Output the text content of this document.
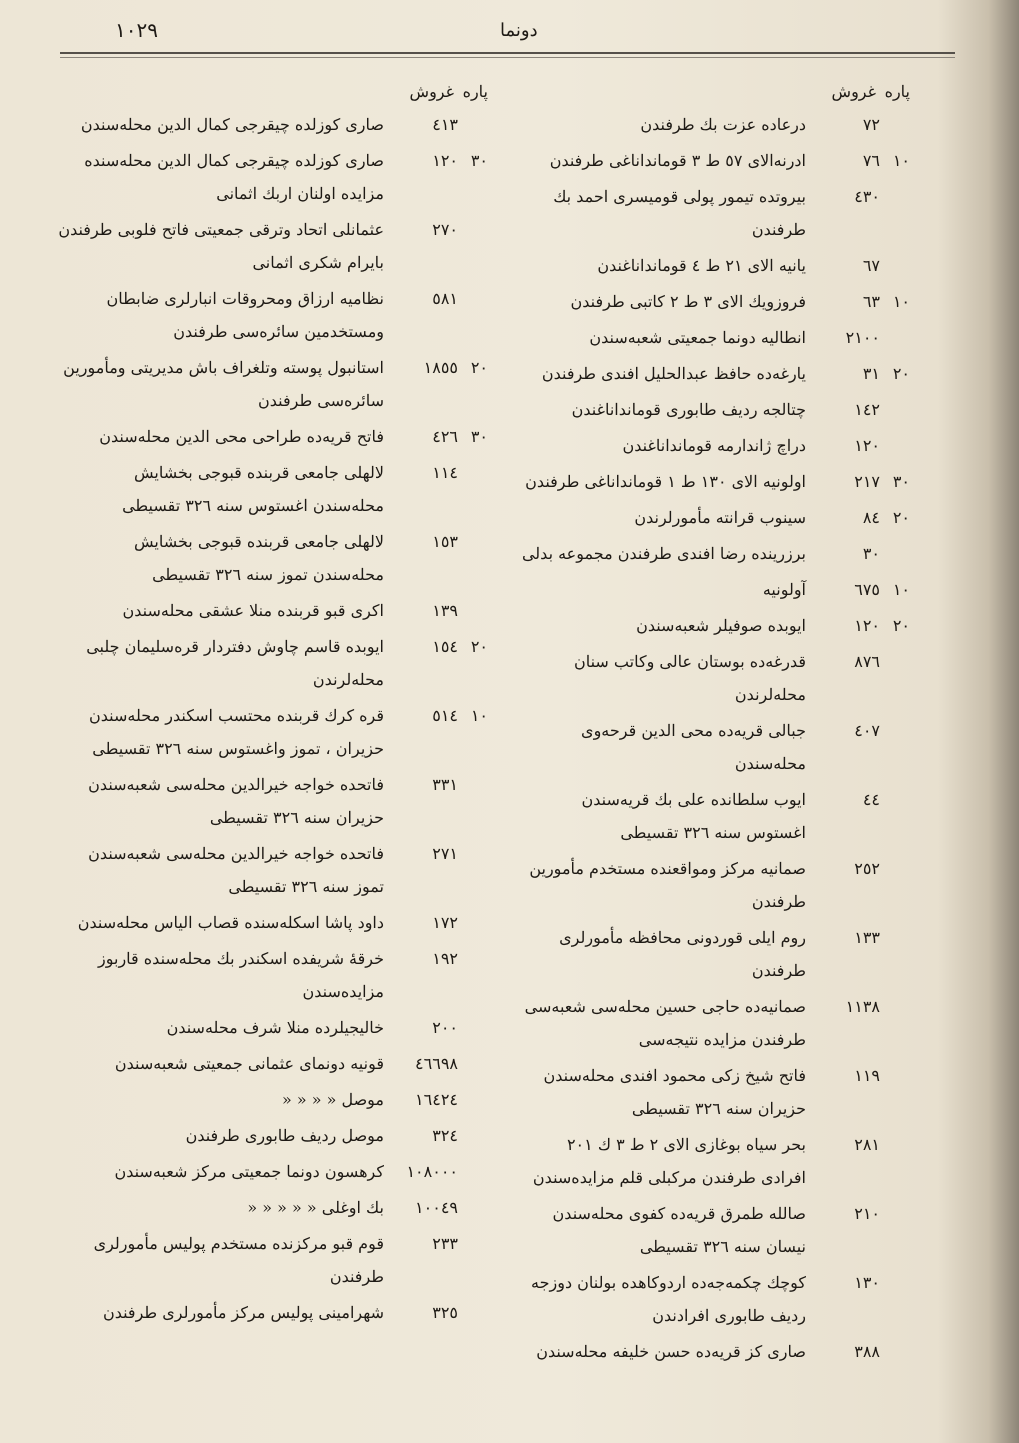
١٠٢٩	دونما
پاره
غروش
٧٢
درعاده عزت بك طرفندن
١٠
٧٦
ادرنه‌الای ٥٧ ط ٣ قومانداناغی طرفندن
٤٣٠
بيروتده تيمور پولی قوميسری احمد بك طرفندن
٦٧
یانيه الای ٢١ ط ٤ قومانداناغندن
١٠
٦٣
فروزويك الای ٣ ط ٢ كاتبی طرفندن
٢١٠٠
انطاليه دونما جمعيتی شعبه‌سندن
٢٠
٣١
يارغه‌ده حافظ عبدالحليل افندی طرفندن
١٤٢
چتالجه رديف طابوری قومانداناغندن
١٢٠
دراچ ژاندارمه قومانداناغندن
٣٠
٢١٧
اولونيه الای ١٣٠ ط ١ قومانداناغی طرفندن
٢٠
٨٤
سينوب قرانته مأمورلرندن
٣٠
برزرينده رضا افندی طرفندن مجموعه بدلی
١٠
٦٧٥
آولونيه
٢٠
١٢٠
ايوبده صوفيلر شعبه‌سندن
٨٧٦
قدرغه‌ده بوستان عالی وكاتب سنان محله‌لرندن
٤٠٧
جبالی قريه‌ده محی الدين قرحه‌وی محله‌سندن
٤٤
ايوب سلطانده علی بك قريه‌سندن اغستوس سنه ٣٢٦ تقسيطی
٢٥٢
صمانيه مركز ومواقعنده مستخدم مأمورين طرفندن
١٣٣
روم ايلی قوردونی محافظه مأمورلری طرفندن
١١٣٨
صمانيه‌ده حاجی حسين محله‌سی شعبه‌سی طرفندن مزايده نتيجه‌سی
١١٩
فاتح شيخ زكی محمود افندی محله‌سندن حزيران سنه ٣٢٦ تقسيطی
٢٨١
بحر سياه بوغازی الای ٢ ط ٣ ك ٢٠١ افرادی طرفندن مركبلی قلم مزايده‌سندن
٢١٠
صالله طمرق قريه‌ده كفوی محله‌سندن نيسان سنه ٣٢٦ تقسيطی
١٣٠
كوچك چكمه‌جه‌ده اردوكاهده بولنان دوزجه رديف طابوری افرادندن
٣٨٨
صاری كز قريه‌ده حسن خليفه محله‌سندن
پاره
غروش
٤١٣
صاری كوزلده چيقرجی كمال الدين محله‌سندن
٣٠
١٢٠
صاری كوزلده چيقرجی كمال الدين محله‌سنده مزايده اولنان اربك اثمانی
٢٧٠
عثمانلی اتحاد وترقی جمعيتی فاتح فلوبی طرفندن بايرام شكری اثمانی
٥٨١
نظاميه ارزاق ومحروقات انبارلری ضابطان ومستخدمين سائره‌سی طرفندن
٢٠
١٨٥٥
استانبول پوسته وتلغراف باش مديريتی ومأمورين سائره‌سی طرفندن
٣٠
٤٢٦
فاتح قريه‌ده طراحی محی الدين محله‌سندن
١١٤
لالهلی جامعی قربنده قبوجی بخشايش محله‌سندن اغستوس سنه ٣٢٦ تقسيطی
١٥٣
لالهلی جامعی قربنده قبوجی بخشايش محله‌سندن تموز سنه ٣٢٦ تقسيطی
١٣٩
اكری قبو قربنده منلا عشقی محله‌سندن
٢٠
١٥٤
ايوبده قاسم چاوش دفتردار قره‌سليمان چلبی محله‌لرندن
١٠
٥١٤
قره كرك قربنده محتسب اسكندر محله‌سندن حزيران ، تموز واغستوس سنه ٣٢٦ تقسيطی
٣٣١
فاتحده خواجه خيرالدين محله‌سی شعبه‌سندن حزيران سنه ٣٢٦ تقسيطی
٢٧١
فاتحده خواجه خيرالدين محله‌سی شعبه‌سندن تموز سنه ٣٢٦ تقسيطی
١٧٢
داود پاشا اسكله‌سنده قصاب الياس محله‌سندن
١٩٢
خرقهٔ شريفده اسكندر بك محله‌سنده قاربوز مزايده‌سندن
٢٠٠
خاليجيلرده منلا شرف محله‌سندن
٤٦٦٩٨
قونيه دونمای عثمانی جمعيتی شعبه‌سندن
١٦٤٢٤
موصل « « « «
٣٢٤
موصل رديف طابوری طرفندن
١٠٨٠٠٠
كرهسون دونما جمعيتی مركز شعبه‌سندن
١٠٠٤٩
بك اوغلی « « « « «
٢٣٣
قوم قبو مركزنده مستخدم پوليس مأمورلری طرفندن
٣٢٥
شهرامينی پوليس مركز مأمورلری طرفندن
